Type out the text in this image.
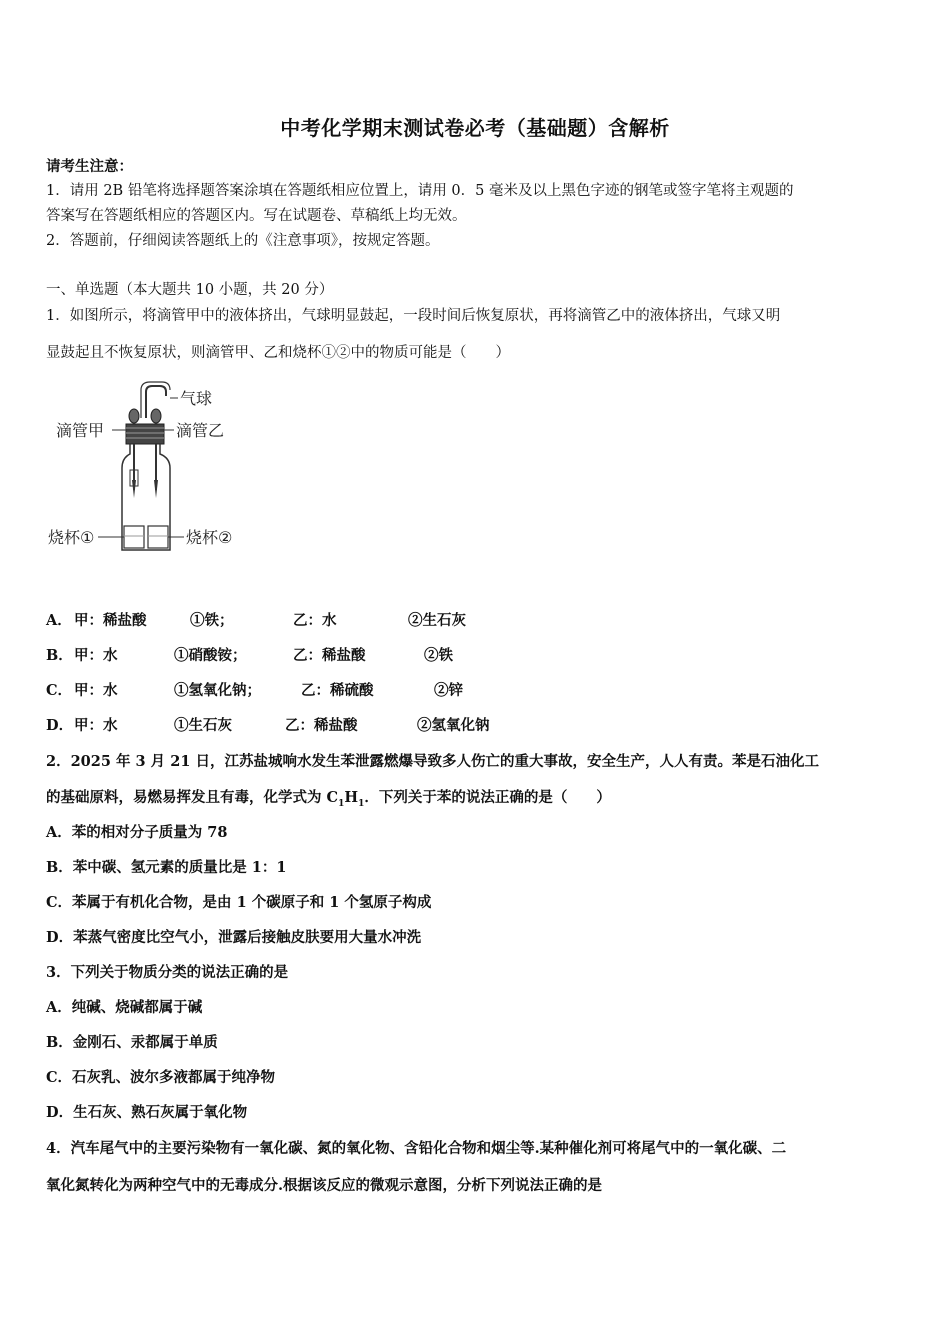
中考化学期末测试卷必考（基础题）含解析
请考生注意：
1．请用 2B 铅笔将选择题答案涂填在答题纸相应位置上，请用 0．5 毫米及以上黑色字迹的钢笔或签字笔将主观题的
答案写在答题纸相应的答题区内。写在试题卷、草稿纸上均无效。
2．答题前，仔细阅读答题纸上的《注意事项》，按规定答题。
一、单选题（本大题共 10 小题，共 20 分）
1．如图所示，将滴管甲中的液体挤出，气球明显鼓起，一段时间后恢复原状，再将滴管乙中的液体挤出，气球又明
显鼓起且不恢复原状，则滴管甲、乙和烧杯①②中的物质可能是（　　）
气球
滴管甲	滴管乙
烧杯①	烧杯②
A． 甲：稀盐酸	①铁；	乙：水	②生石灰
B． 甲：水	①硝酸铵；	乙：稀盐酸	②铁
C． 甲：水	①氢氧化钠；	乙：稀硫酸	②锌
D． 甲：水	①生石灰	乙：稀盐酸	②氢氧化钠
2．2025 年 3 月 21 日，江苏盐城响水发生苯泄露燃爆导致多人伤亡的重大事故，安全生产，人人有责。苯是石油化工
的基础原料，易燃易挥发且有毒，化学式为 $C_1H_1$．下列关于苯的说法正确的是（　　）
A．苯的相对分子质量为 78
B．苯中碳、氢元素的质量比是 1：1
C．苯属于有机化合物，是由 1 个碳原子和 1 个氢原子构成
D．苯蒸气密度比空气小，泄露后接触皮肤要用大量水冲洗
3．下列关于物质分类的说法正确的是
A．纯碱、烧碱都属于碱
B．金刚石、汞都属于单质
C．石灰乳、波尔多液都属于纯净物
D．生石灰、熟石灰属于氧化物
4．汽车尾气中的主要污染物有一氧化碳、氮的氧化物、含铅化合物和烟尘等.某种催化剂可将尾气中的一氧化碳、二
氧化氮转化为两种空气中的无毒成分.根据该反应的微观示意图，分析下列说法正确的是
